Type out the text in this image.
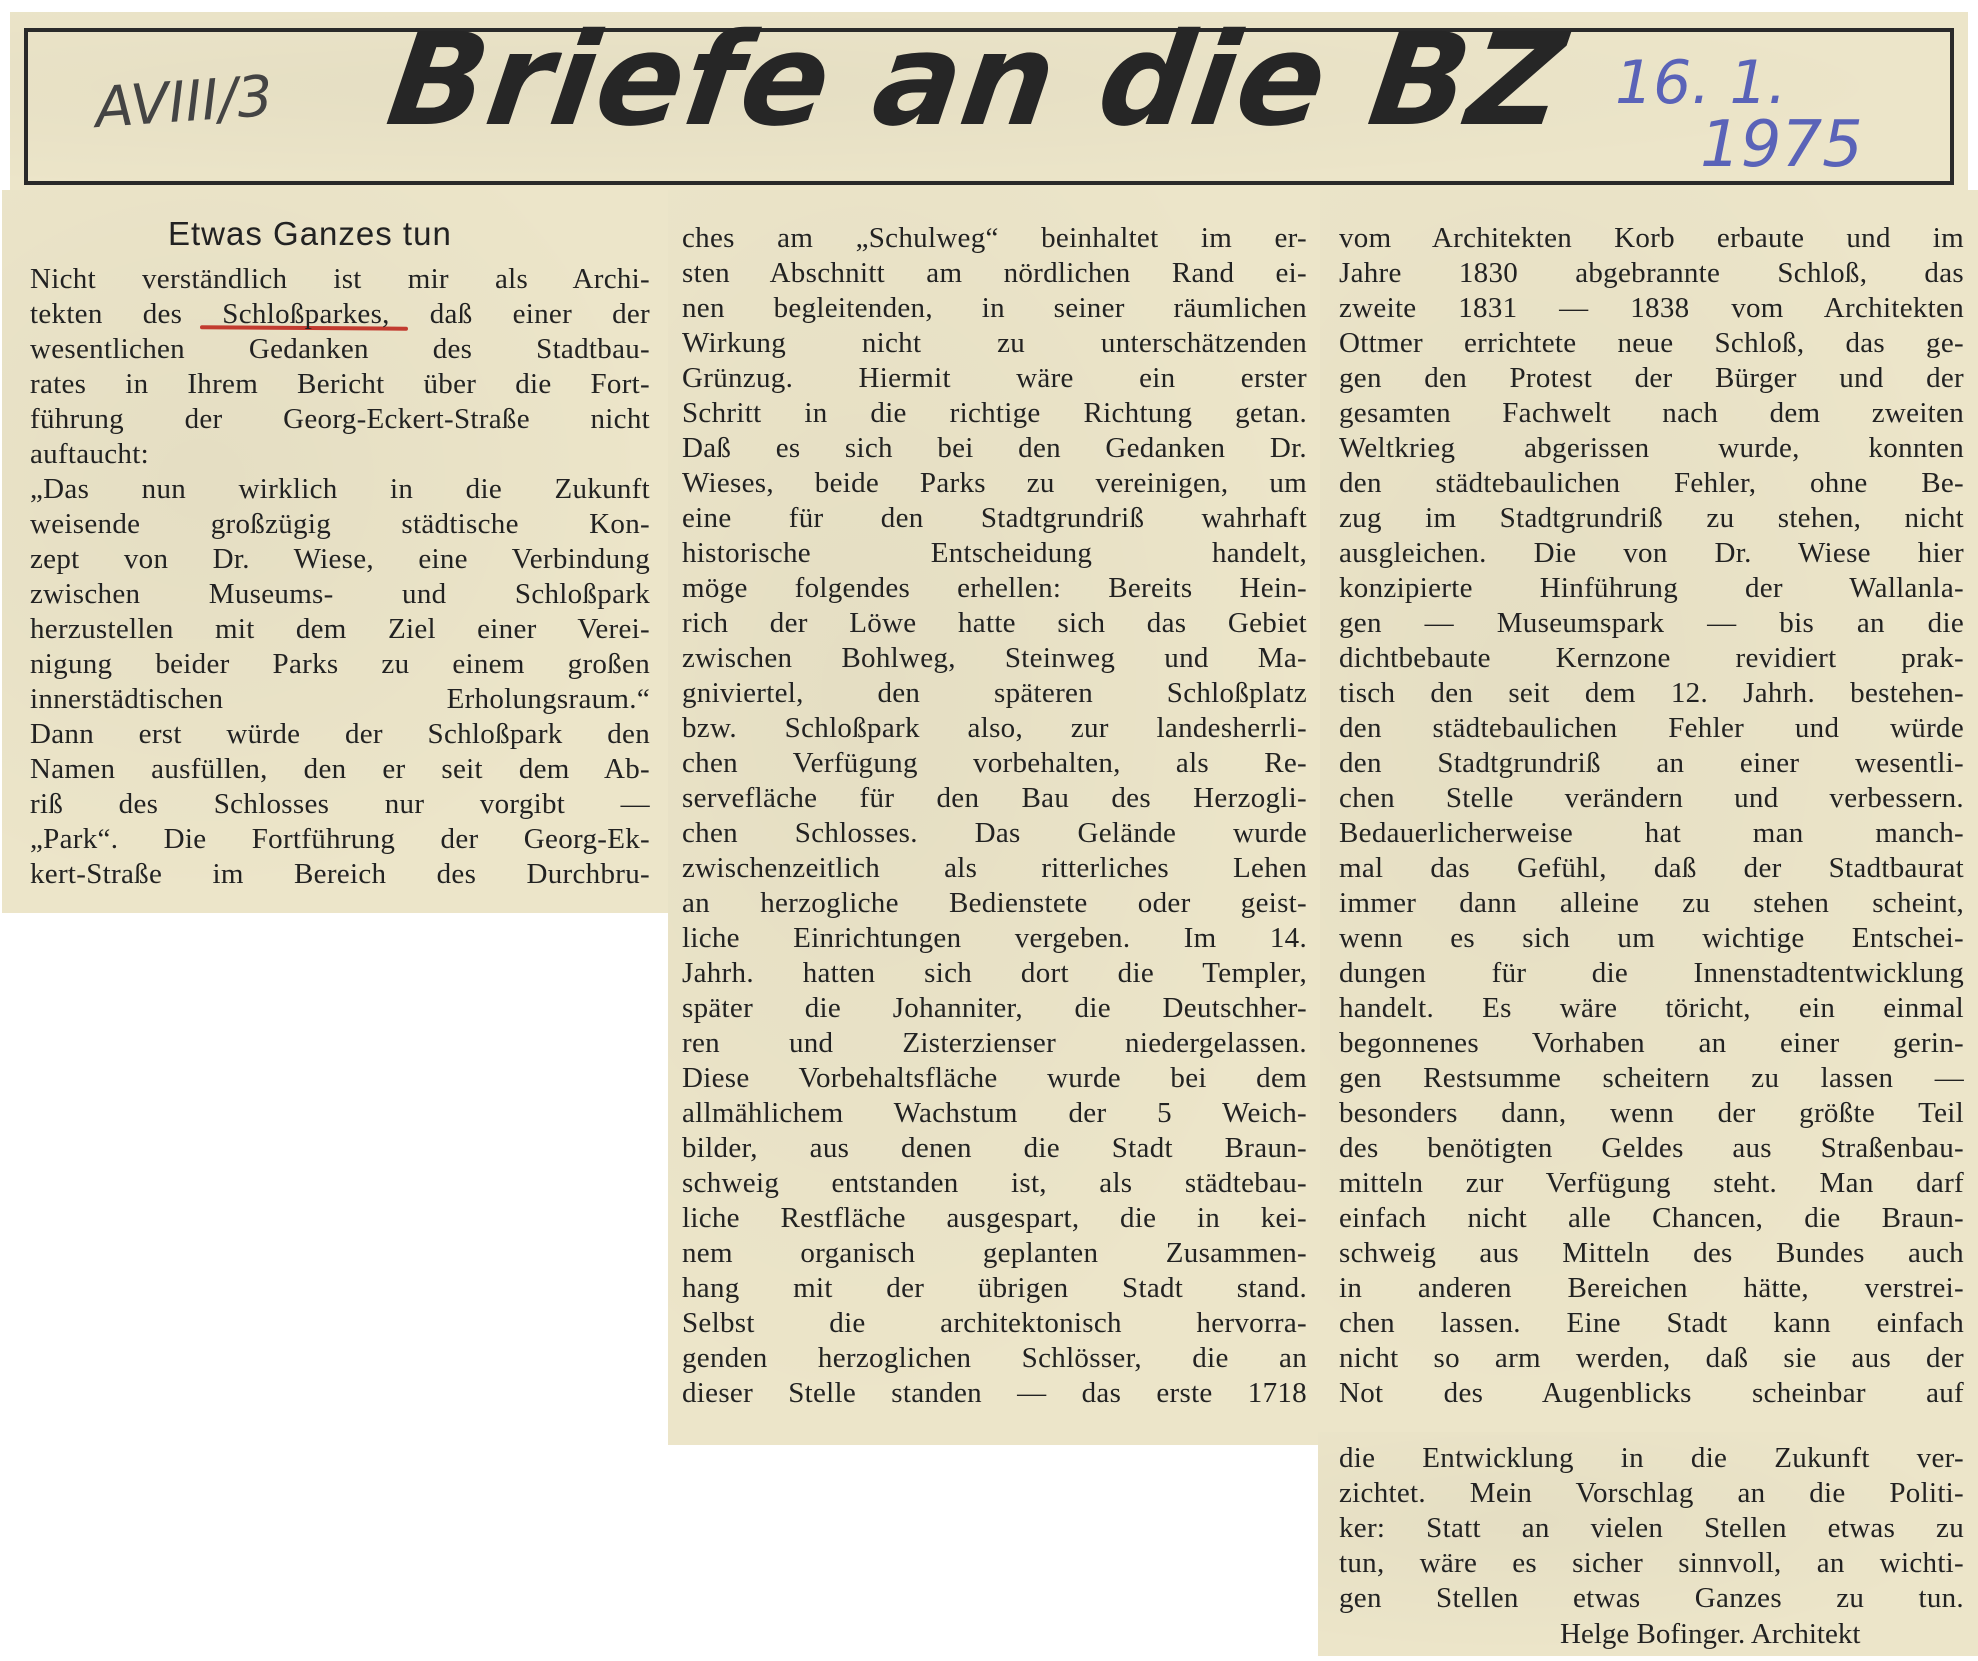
Briefe an die BZ
AVIII/3	16. 1.
1975
Etwas Ganzes tun

Nicht verständlich ist mir als Archi-
tekten des Schloßparkes, daß einer der
wesentlichen Gedanken des Stadtbau-
rates in Ihrem Bericht über die Fort-
führung der Georg-Eckert-Straße nicht
auftaucht:
„Das nun wirklich in die Zukunft
weisende großzügig städtische Kon-
zept von Dr. Wiese, eine Verbindung
zwischen Museums- und Schloßpark
herzustellen mit dem Ziel einer Verei-
nigung beider Parks zu einem großen
innerstädtischen Erholungsraum.“
Dann erst würde der Schloßpark den
Namen ausfüllen, den er seit dem Ab-
riß des Schlosses nur vorgibt —
„Park“. Die Fortführung der Georg-Ek-
kert-Straße im Bereich des Durchbru-

ches am „Schulweg“ beinhaltet im er-
sten Abschnitt am nördlichen Rand ei-
nen begleitenden, in seiner räumlichen
Wirkung nicht zu unterschätzenden
Grünzug. Hiermit wäre ein erster
Schritt in die richtige Richtung getan.
Daß es sich bei den Gedanken Dr.
Wieses, beide Parks zu vereinigen, um
eine für den Stadtgrundriß wahrhaft
historische Entscheidung handelt,
möge folgendes erhellen: Bereits Hein-
rich der Löwe hatte sich das Gebiet
zwischen Bohlweg, Steinweg und Ma-
gniviertel, den späteren Schloßplatz
bzw. Schloßpark also, zur landesherrli-
chen Verfügung vorbehalten, als Re-
servefläche für den Bau des Herzogli-
chen Schlosses. Das Gelände wurde
zwischenzeitlich als ritterliches Lehen
an herzogliche Bedienstete oder geist-
liche Einrichtungen vergeben. Im 14.
Jahrh. hatten sich dort die Templer,
später die Johanniter, die Deutschher-
ren und Zisterzienser niedergelassen.
Diese Vorbehaltsfläche wurde bei dem
allmählichem Wachstum der 5 Weich-
bilder, aus denen die Stadt Braun-
schweig entstanden ist, als städtebau-
liche Restfläche ausgespart, die in kei-
nem organisch geplanten Zusammen-
hang mit der übrigen Stadt stand.
Selbst die architektonisch hervorra-
genden herzoglichen Schlösser, die an
dieser Stelle standen — das erste 1718

vom Architekten Korb erbaute und im
Jahre 1830 abgebrannte Schloß, das
zweite 1831 — 1838 vom Architekten
Ottmer errichtete neue Schloß, das ge-
gen den Protest der Bürger und der
gesamten Fachwelt nach dem zweiten
Weltkrieg abgerissen wurde, konnten
den städtebaulichen Fehler, ohne Be-
zug im Stadtgrundriß zu stehen, nicht
ausgleichen. Die von Dr. Wiese hier
konzipierte Hinführung der Wallanla-
gen — Museumspark — bis an die
dichtbebaute Kernzone revidiert prak-
tisch den seit dem 12. Jahrh. bestehen-
den städtebaulichen Fehler und würde
den Stadtgrundriß an einer wesentli-
chen Stelle verändern und verbessern.
Bedauerlicherweise hat man manch-
mal das Gefühl, daß der Stadtbaurat
immer dann alleine zu stehen scheint,
wenn es sich um wichtige Entschei-
dungen für die Innenstadtentwicklung
handelt. Es wäre töricht, ein einmal
begonnenes Vorhaben an einer gerin-
gen Restsumme scheitern zu lassen —
besonders dann, wenn der größte Teil
des benötigten Geldes aus Straßenbau-
mitteln zur Verfügung steht. Man darf
einfach nicht alle Chancen, die Braun-
schweig aus Mitteln des Bundes auch
in anderen Bereichen hätte, verstrei-
chen lassen. Eine Stadt kann einfach
nicht so arm werden, daß sie aus der
Not des Augenblicks scheinbar auf

die Entwicklung in die Zukunft ver-
zichtet. Mein Vorschlag an die Politi-
ker: Statt an vielen Stellen etwas zu
tun, wäre es sicher sinnvoll, an wichti-
gen Stellen etwas Ganzes zu tun.

Helge Bofinger. Architekt
